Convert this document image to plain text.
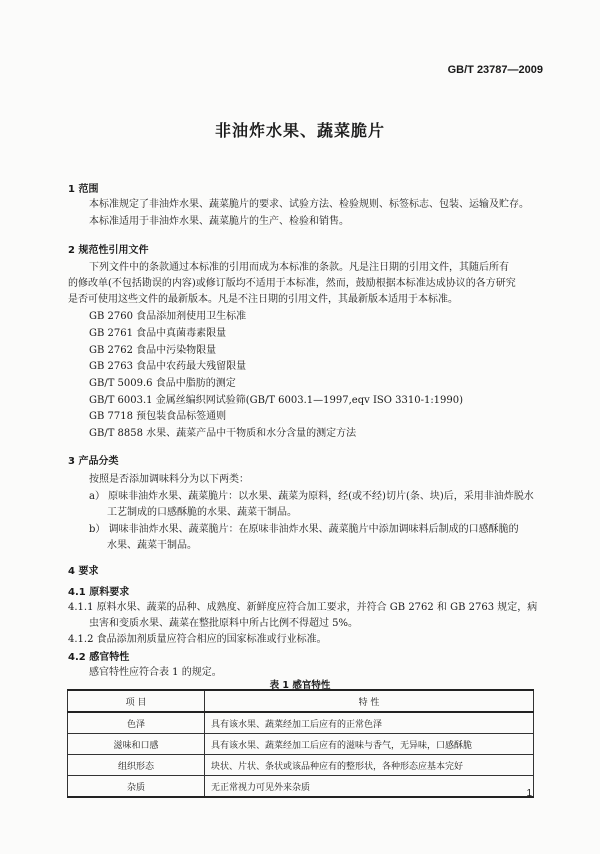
GB/T 23787—2009
非油炸水果、蔬菜脆片
1 范围
本标准规定了非油炸水果、蔬菜脆片的要求、试验方法、检验规则、标签标志、包装、运输及贮存。
本标准适用于非油炸水果、蔬菜脆片的生产、检验和销售。
2 规范性引用文件
下列文件中的条款通过本标准的引用而成为本标准的条款。凡是注日期的引用文件，其随后所有
的修改单(不包括勘误的内容)或修订版均不适用于本标准，然而，鼓励根据本标准达成协议的各方研究
是否可使用这些文件的最新版本。凡是不注日期的引用文件，其最新版本适用于本标准。
GB 2760 食品添加剂使用卫生标准
GB 2761 食品中真菌毒素限量
GB 2762 食品中污染物限量
GB 2763 食品中农药最大残留限量
GB/T 5009.6 食品中脂肪的测定
GB/T 6003.1 金属丝编织网试验筛(GB/T 6003.1—1997,eqv ISO 3310-1:1990)
GB 7718 预包装食品标签通则
GB/T 8858 水果、蔬菜产品中干物质和水分含量的测定方法
3 产品分类
按照是否添加调味料分为以下两类：
a） 原味非油炸水果、蔬菜脆片：以水果、蔬菜为原料，经(或不经)切片(条、块)后，采用非油炸脱水
工艺制成的口感酥脆的水果、蔬菜干制品。
b） 调味非油炸水果、蔬菜脆片：在原味非油炸水果、蔬菜脆片中添加调味料后制成的口感酥脆的
水果、蔬菜干制品。
4 要求
4.1 原料要求
4.1.1 原料水果、蔬菜的品种、成熟度、新鲜度应符合加工要求，并符合 GB 2762 和 GB 2763 规定，病
虫害和变质水果、蔬菜在整批原料中所占比例不得超过 5%。
4.1.2 食品添加剂质量应符合相应的国家标准或行业标准。
4.2 感官特性
感官特性应符合表 1 的规定。
表 1 感官特性
项 目	特 性
色泽	具有该水果、蔬菜经加工后应有的正常色泽
滋味和口感	具有该水果、蔬菜经加工后应有的滋味与香气，无异味，口感酥脆
组织形态	块状、片状、条状或该品种应有的整形状，各种形态应基本完好
杂质	无正常视力可见外来杂质
1
